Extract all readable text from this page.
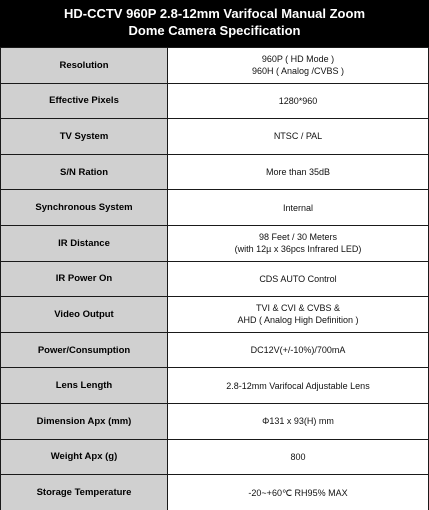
HD-CCTV 960P 2.8-12mm Varifocal Manual Zoom
Dome Camera Specification
Resolution	960P ( HD Mode )
960H ( Analog /CVBS )

Effective Pixels	1280*960

TV System	NTSC / PAL

S/N Ration	More than 35dB

Synchronous System	Internal

IR Distance	98 Feet / 30 Meters
(with 12µ x 36pcs Infrared LED)

IR Power On	CDS AUTO Control

Video Output	TVI & CVI & CVBS &
AHD ( Analog High Definition )

Power/Consumption	DC12V(+/-10%)/700mA

Lens Length	2.8-12mm Varifocal Adjustable Lens

Dimension Apx (mm)	Φ131 x 93(H) mm

Weight Apx (g)	800

Storage Temperature	-20~+60℃ RH95% MAX
